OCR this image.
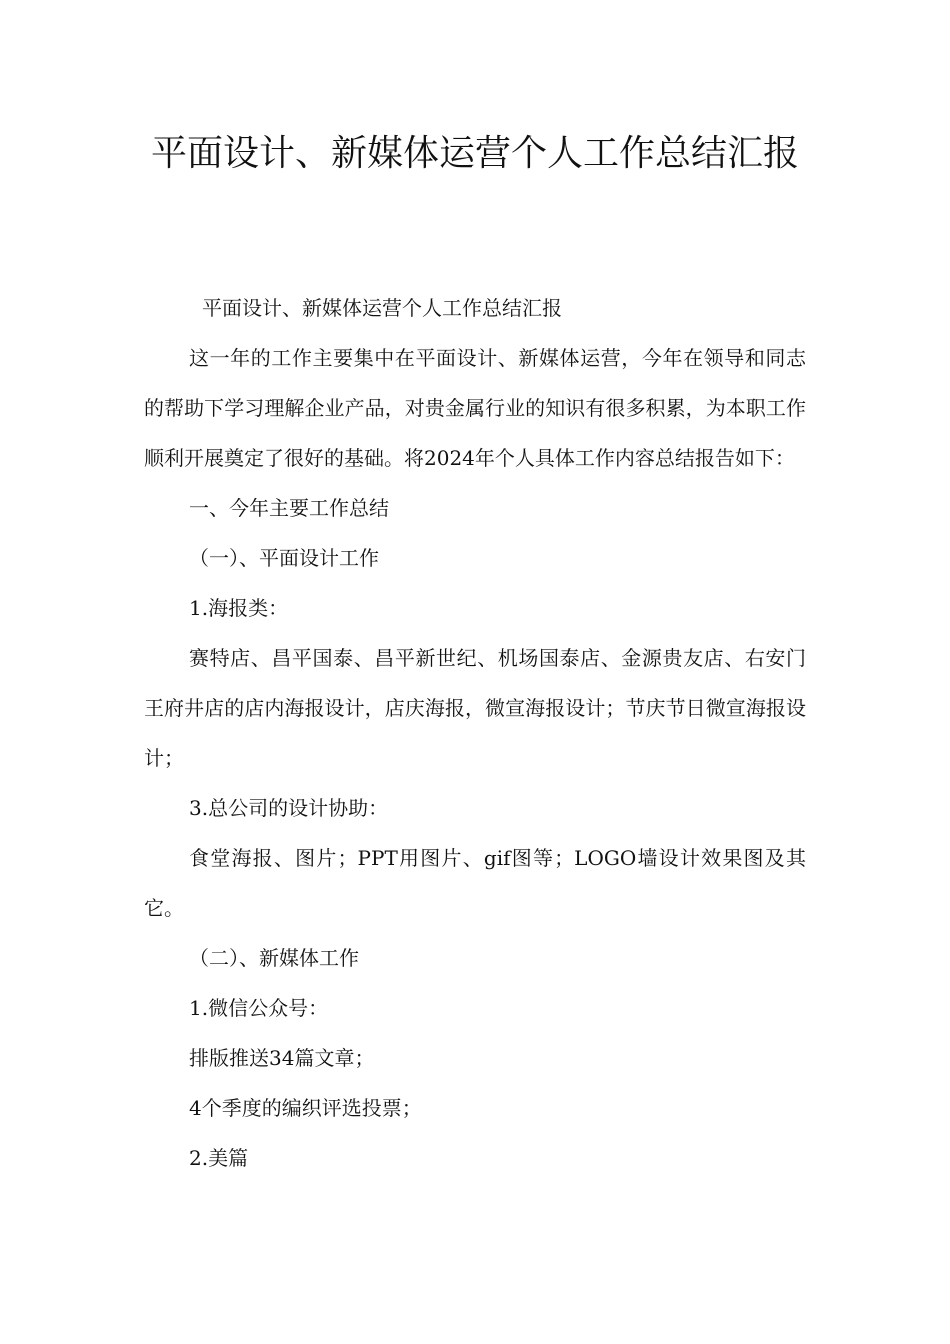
平面设计、新媒体运营个人工作总结汇报

平面设计、新媒体运营个人工作总结汇报

这一年的工作主要集中在平面设计、新媒体运营，今年在领导和同志的帮助下学习理解企业产品，对贵金属行业的知识有很多积累，为本职工作顺利开展奠定了很好的基础。将2024年个人具体工作内容总结报告如下：

一、今年主要工作总结

（一）、平面设计工作

1.海报类：

赛特店、昌平国泰、昌平新世纪、机场国泰店、金源贵友店、右安门王府井店的店内海报设计，店庆海报，微宣海报设计；节庆节日微宣海报设计；

3.总公司的设计协助：

食堂海报、图片；PPT用图片、gif图等；LOGO墙设计效果图及其它。

（二）、新媒体工作

1.微信公众号：

排版推送34篇文章；

4个季度的编织评选投票；

2.美篇
